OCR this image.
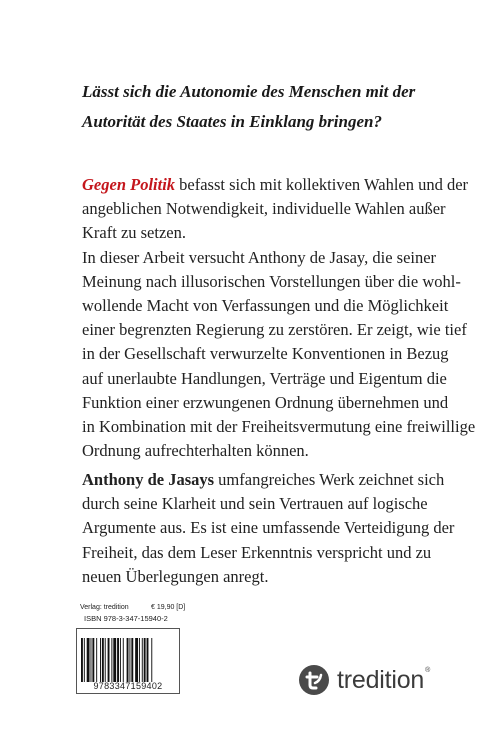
Lässt sich die Autonomie des Menschen mit der
Autorität des Staates in Einklang bringen?
Gegen Politik befasst sich mit kollektiven Wahlen und der
angeblichen Notwendigkeit, individuelle Wahlen außer
Kraft zu setzen.
In dieser Arbeit versucht Anthony de Jasay, die seiner
Meinung nach illusorischen Vorstellungen über die wohl-
wollende Macht von Verfassungen und die Möglichkeit
einer begrenzten Regierung zu zerstören. Er zeigt, wie tief
in der Gesellschaft verwurzelte Konventionen in Bezug
auf unerlaubte Handlungen, Verträge und Eigentum die
Funktion einer erzwungenen Ordnung übernehmen und
in Kombination mit der Freiheitsvermutung eine freiwillige
Ordnung aufrechterhalten können.
Anthony de Jasays umfangreiches Werk zeichnet sich
durch seine Klarheit und sein Vertrauen auf logische
Argumente aus. Es ist eine umfassende Verteidigung der
Freiheit, das dem Leser Erkenntnis verspricht und zu
neuen Überlegungen anregt.
Verlag: tredition	€ 19,90 [D]
ISBN 978-3-347-15940-2
9783347159402	tredition ®
